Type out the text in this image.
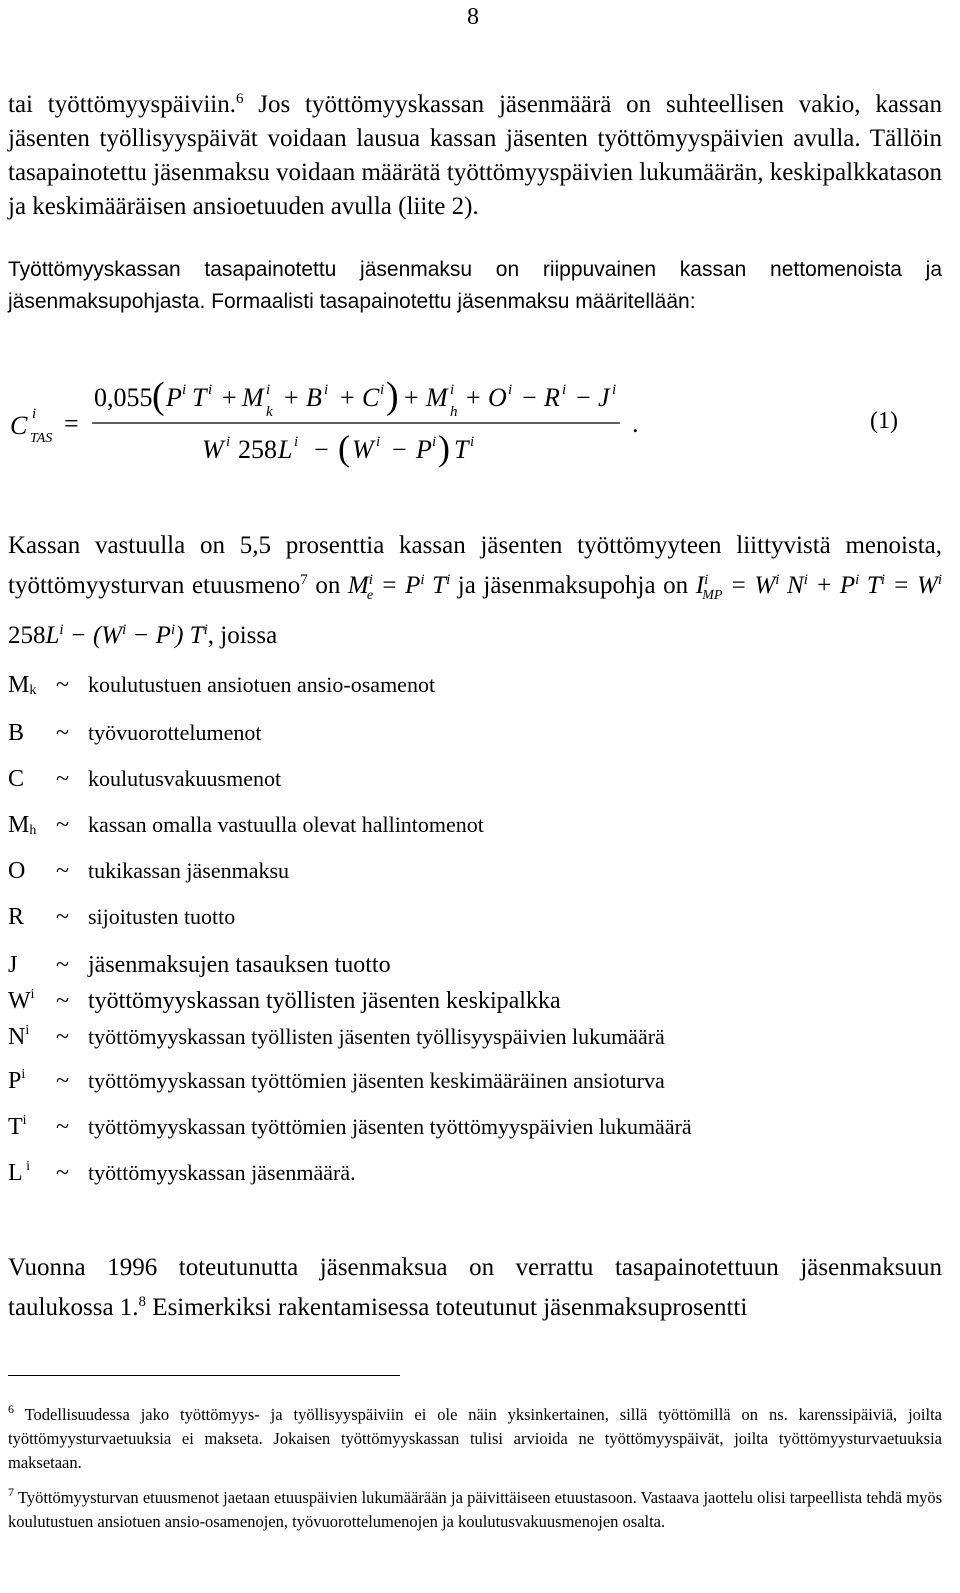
8
tai työttömyyspäiviin.$^6$ Jos työttömyyskassan jäsenmäärä on suhteellisen vakio, kassan jäsenten työllisyyspäivät voidaan lausua kassan jäsenten työttömyyspäivien avulla. Tällöin tasapainotettu jäsenmaksu voidaan määrätä työttömyyspäivien lukumäärän, keskipalkkatason ja keskimääräisen ansioetuuden avulla (liite 2).
Työttömyyskassan tasapainotettu jäsenmaksu on riippuvainen kassan nettomenoista ja jäsenmaksupohjasta. Formaalisti tasapainotettu jäsenmaksu määritellään:
C i
TAS
=
0,055 ( P i T i + M i
k + B i + C i ) + M i
h + O i − R i − J i
W i 258 L i − ( W i − P i ) T i
.	(1)
Kassan vastuulla on 5,5 prosenttia kassan jäsenten työttömyyteen liittyvistä menoista, työttömyysturvan etuusmeno$^7$ on $M^i_e = P^i$ $T^i$ ja jäsenmaksupohja on $I^i_{MP} = W^i$ $N^i + P^i$ $T^i = W^i$ $258L^i - (W^i - P^i)$ $T^i$, joissa
$M_k$ ~ koulutustuen ansiotuen ansio-osamenot
B ~ työvuorottelumenot
C ~ koulutusvakuusmenot
$M_h$ ~ kassan omalla vastuulla olevat hallintomenot
O ~ tukikassan jäsenmaksu
R ~ sijoitusten tuotto
J ~ jäsenmaksujen tasauksen tuotto
$W^i$ ~ työttömyyskassan työllisten jäsenten keskipalkka
$N^i$ ~ työttömyyskassan työllisten jäsenten työllisyyspäivien lukumäärä
$P^i$ ~ työttömyyskassan työttömien jäsenten keskimääräinen ansioturva
$T^i$ ~ työttömyyskassan työttömien jäsenten työttömyyspäivien lukumäärä
L $^i$ ~ työttömyyskassan jäsenmäärä.
Vuonna 1996 toteutunutta jäsenmaksua on verrattu tasapainotettuun jäsenmaksuun taulukossa 1.$^8$ Esimerkiksi rakentamisessa toteutunut jäsenmaksuprosentti
$^6$ Todellisuudessa jako työttömyys- ja työllisyyspäiviin ei ole näin yksinkertainen, sillä työttömillä on ns. karenssipäiviä, joilta työttömyysturvaetuuksia ei makseta. Jokaisen työttömyyskassan tulisi arvioida ne työttömyyspäivät, joilta työttömyysturvaetuuksia maksetaan.
$^7$ Työttömyysturvan etuusmenot jaetaan etuuspäivien lukumäärään ja päivittäiseen etuustasoon. Vastaava jaottelu olisi tarpeellista tehdä myös koulutustuen ansiotuen ansio-osamenojen, työvuorottelumenojen ja koulutusvakuusmenojen osalta.
